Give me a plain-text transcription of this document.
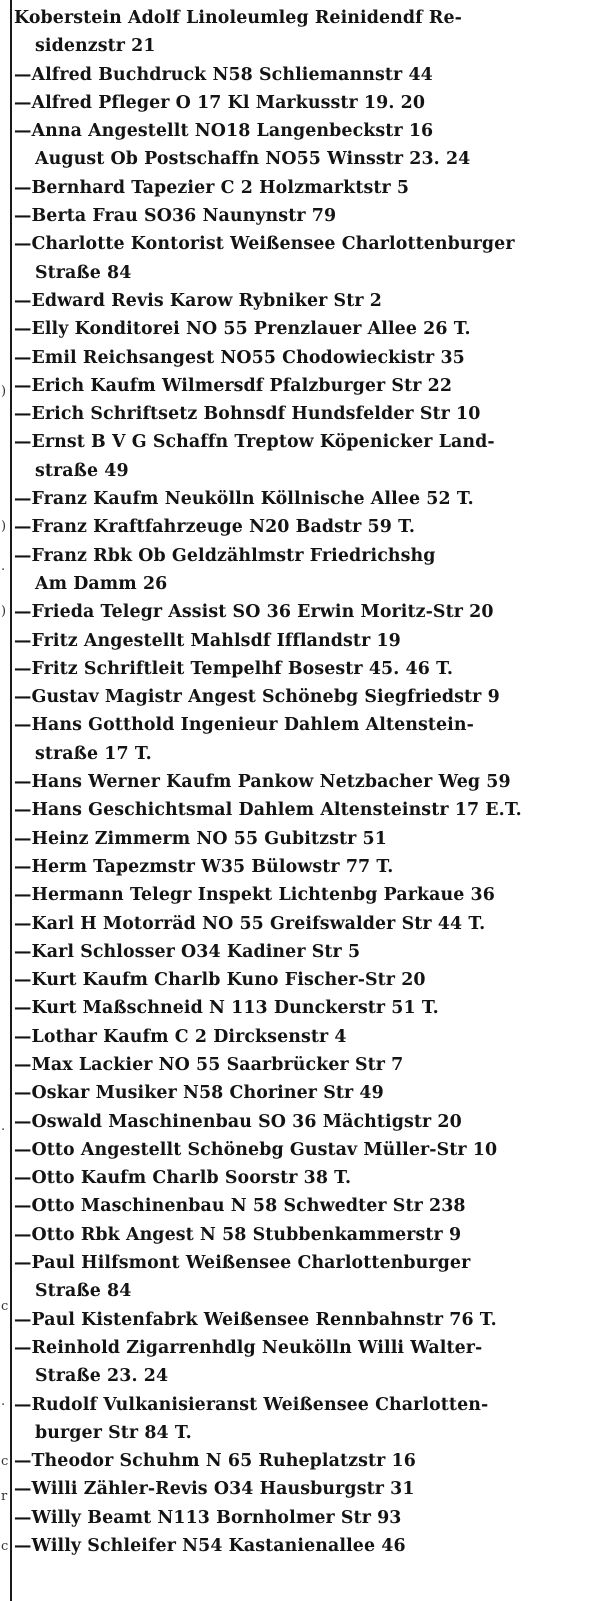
)
)
.
)
.
c
.
c
r
c
Koberstein Adolf Linoleumleg Reinidendf Re-
sidenzstr 21
—Alfred Buchdruck N58 Schliemannstr 44
—Alfred Pfleger O 17 Kl Markusstr 19. 20
—Anna Angestellt NO18 Langenbeckstr 16
August Ob Postschaffn NO55 Winsstr 23. 24
—Bernhard Tapezier C 2 Holzmarktstr 5
—Berta Frau SO36 Naunynstr 79
—Charlotte Kontorist Weißensee Charlottenburger
Straße 84
—Edward Revis Karow Rybniker Str 2
—Elly Konditorei NO 55 Prenzlauer Allee 26 T.
—Emil Reichsangest NO55 Chodowieckistr 35
—Erich Kaufm Wilmersdf Pfalzburger Str 22
—Erich Schriftsetz Bohnsdf Hundsfelder Str 10
—Ernst B V G Schaffn Treptow Köpenicker Land-
straße 49
—Franz Kaufm Neukölln Köllnische Allee 52 T.
—Franz Kraftfahrzeuge N20 Badstr 59 T.
—Franz Rbk Ob Geldzählmstr Friedrichshg
Am Damm 26
—Frieda Telegr Assist SO 36 Erwin Moritz-Str 20
—Fritz Angestellt Mahlsdf Ifflandstr 19
—Fritz Schriftleit Tempelhf Bosestr 45. 46 T.
—Gustav Magistr Angest Schönebg Siegfriedstr 9
—Hans Gotthold Ingenieur Dahlem Altenstein-
straße 17 T.
—Hans Werner Kaufm Pankow Netzbacher Weg 59
—Hans Geschichtsmal Dahlem Altensteinstr 17 E.T.
—Heinz Zimmerm NO 55 Gubitzstr 51
—Herm Tapezmstr W35 Bülowstr 77 T.
—Hermann Telegr Inspekt Lichtenbg Parkaue 36
—Karl H Motorräd NO 55 Greifswalder Str 44 T.
—Karl Schlosser O34 Kadiner Str 5
—Kurt Kaufm Charlb Kuno Fischer-Str 20
—Kurt Maßschneid N 113 Dunckerstr 51 T.
—Lothar Kaufm C 2 Dircksenstr 4
—Max Lackier NO 55 Saarbrücker Str 7
—Oskar Musiker N58 Choriner Str 49
—Oswald Maschinenbau SO 36 Mächtigstr 20
—Otto Angestellt Schönebg Gustav Müller-Str 10
—Otto Kaufm Charlb Soorstr 38 T.
—Otto Maschinenbau N 58 Schwedter Str 238
—Otto Rbk Angest N 58 Stubbenkammerstr 9
—Paul Hilfsmont Weißensee Charlottenburger
Straße 84
—Paul Kistenfabrk Weißensee Rennbahnstr 76 T.
—Reinhold Zigarrenhdlg Neukölln Willi Walter-
Straße 23. 24
—Rudolf Vulkanisieranst Weißensee Charlotten-
burger Str 84 T.
—Theodor Schuhm N 65 Ruheplatzstr 16
—Willi Zähler-Revis O34 Hausburgstr 31
—Willy Beamt N113 Bornholmer Str 93
—Willy Schleifer N54 Kastanienallee 46
